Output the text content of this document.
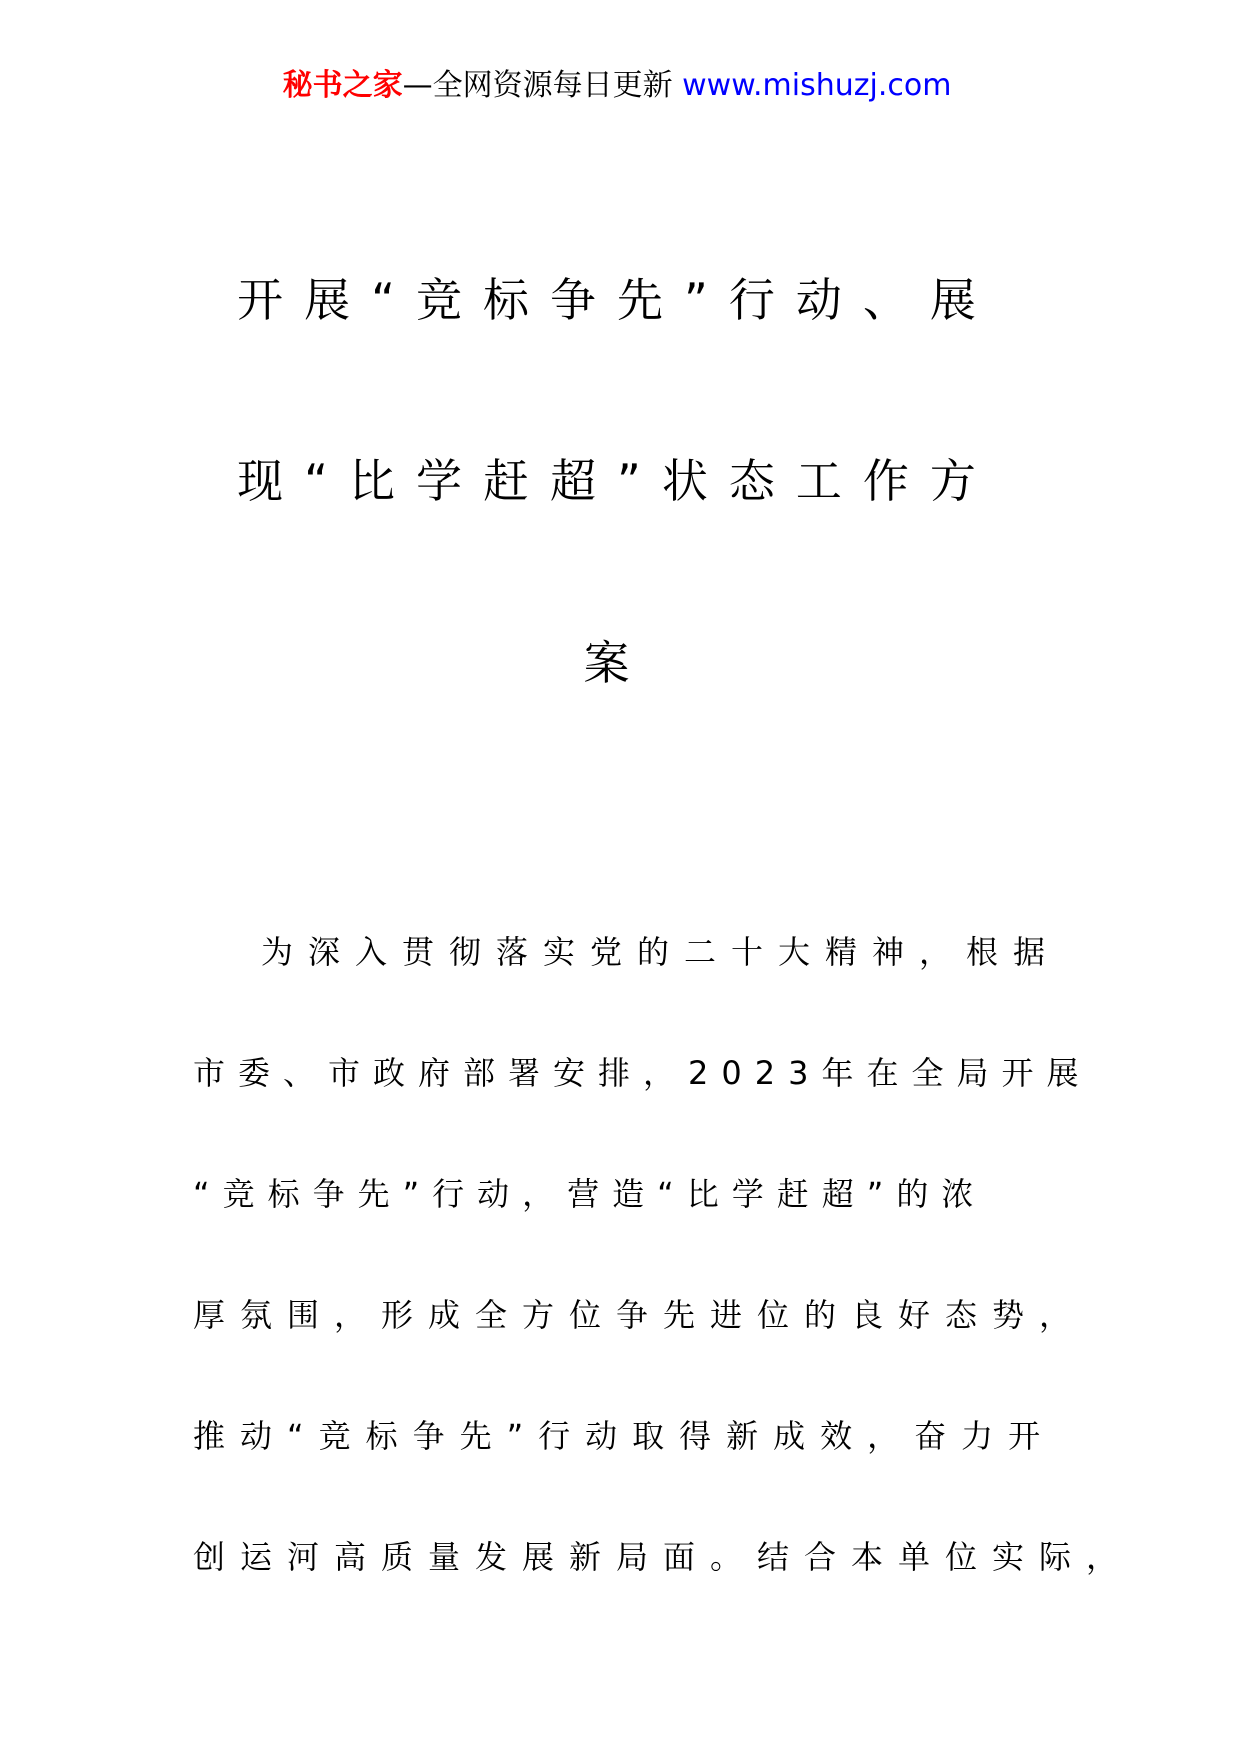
秘书之家—全网资源每日更新 www.mishuzj.com
开展“竞标争先”行动、展
现“比学赶超”状态工作方
案
为深入贯彻落实党的二十大精神，根据
市委、市政府部署安排，2023年在全局开展
“竞标争先”行动，营造“比学赶超”的浓
厚氛围，形成全方位争先进位的良好态势，
推动“竞标争先”行动取得新成效，奋力开
创运河高质量发展新局面。结合本单位实际，
